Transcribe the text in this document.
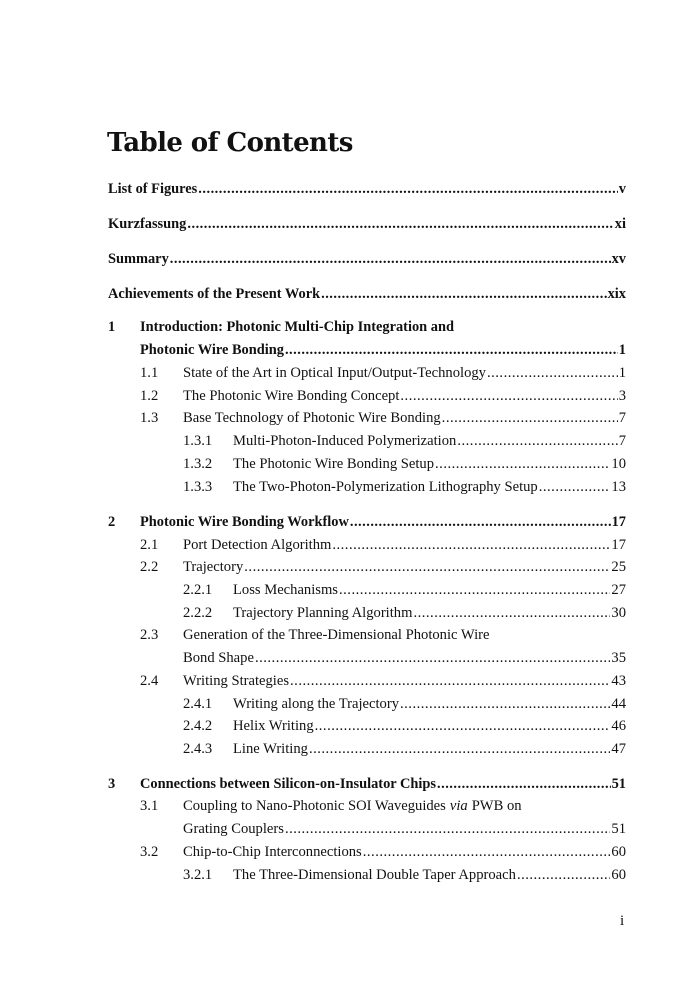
Table of Contents
List of Figures .....	v
Kurzfassung .....	xi
Summary .....	xv
Achievements of the Present Work .....	xix
1 Introduction: Photonic Multi-Chip Integration and
Photonic Wire Bonding .....	1
1.1 State of the Art in Optical Input/Output-Technology .....	1
1.2 The Photonic Wire Bonding Concept .....	3
1.3 Base Technology of Photonic Wire Bonding .....	7
1.3.1 Multi-Photon-Induced Polymerization .....	7
1.3.2 The Photonic Wire Bonding Setup .....	10
1.3.3 The Two-Photon-Polymerization Lithography Setup .....	13
2 Photonic Wire Bonding Workflow .....	17
2.1 Port Detection Algorithm .....	17
2.2 Trajectory .....	25
2.2.1 Loss Mechanisms .....	27
2.2.2 Trajectory Planning Algorithm .....	30
2.3 Generation of the Three-Dimensional Photonic Wire
Bond Shape .....	35
2.4 Writing Strategies .....	43
2.4.1 Writing along the Trajectory .....	44
2.4.2 Helix Writing .....	46
2.4.3 Line Writing .....	47
3 Connections between Silicon-on-Insulator Chips .....	51
3.1 Coupling to Nano-Photonic SOI Waveguides via PWB on
Grating Couplers .....	51
3.2 Chip-to-Chip Interconnections .....	60
3.2.1 The Three-Dimensional Double Taper Approach .....	60
i
